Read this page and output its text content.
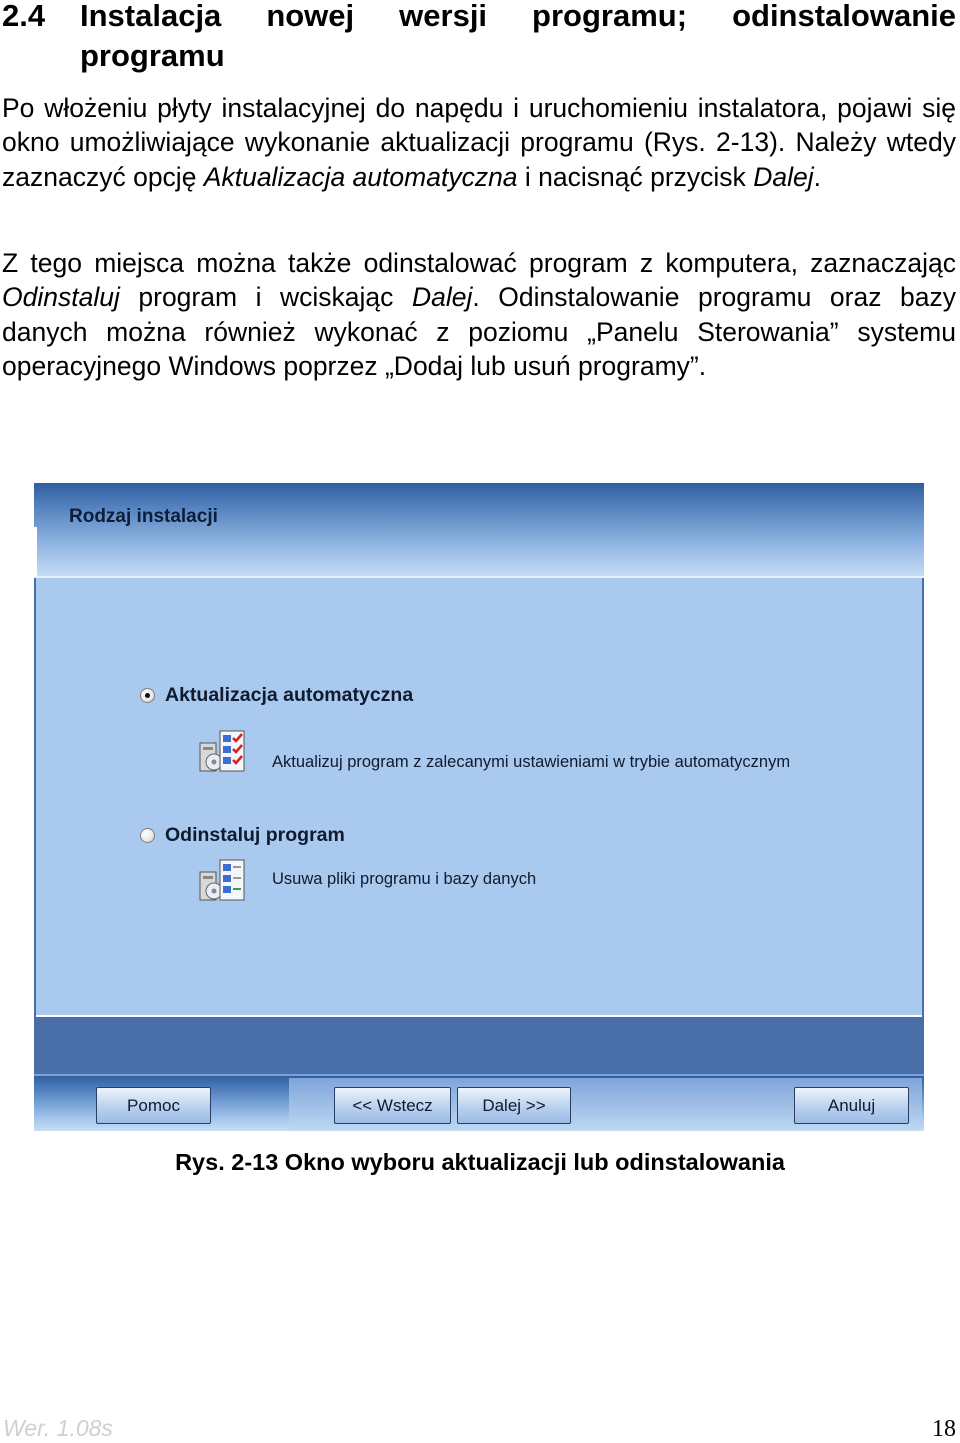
2.4 Instalacja nowej wersji programu; odinstalowanie programu

Po włożeniu płyty instalacyjnej do napędu i uruchomieniu instalatora, pojawi się okno umożliwiające wykonanie aktualizacji programu (Rys. 2-13). Należy wtedy zaznaczyć opcję Aktualizacja automatyczna i nacisnąć przycisk Dalej.

Z tego miejsca można także odinstalować program z komputera, zaznaczając Odinstaluj program i wciskając Dalej. Odinstalowanie programu oraz bazy danych można również wykonać z poziomu „Panelu Sterowania” systemu operacyjnego Windows poprzez „Dodaj lub usuń programy”.

Rodzaj instalacji
Aktualizacja automatyczna
Aktualizuj program z zalecanymi ustawieniami w trybie automatycznym
Odinstaluj program
Usuwa pliki programu i bazy danych
Pomoc	<< Wstecz	Dalej >>	Anuluj
Rys. 2-13 Okno wyboru aktualizacji lub odinstalowania
Wer. 1.08s	18
